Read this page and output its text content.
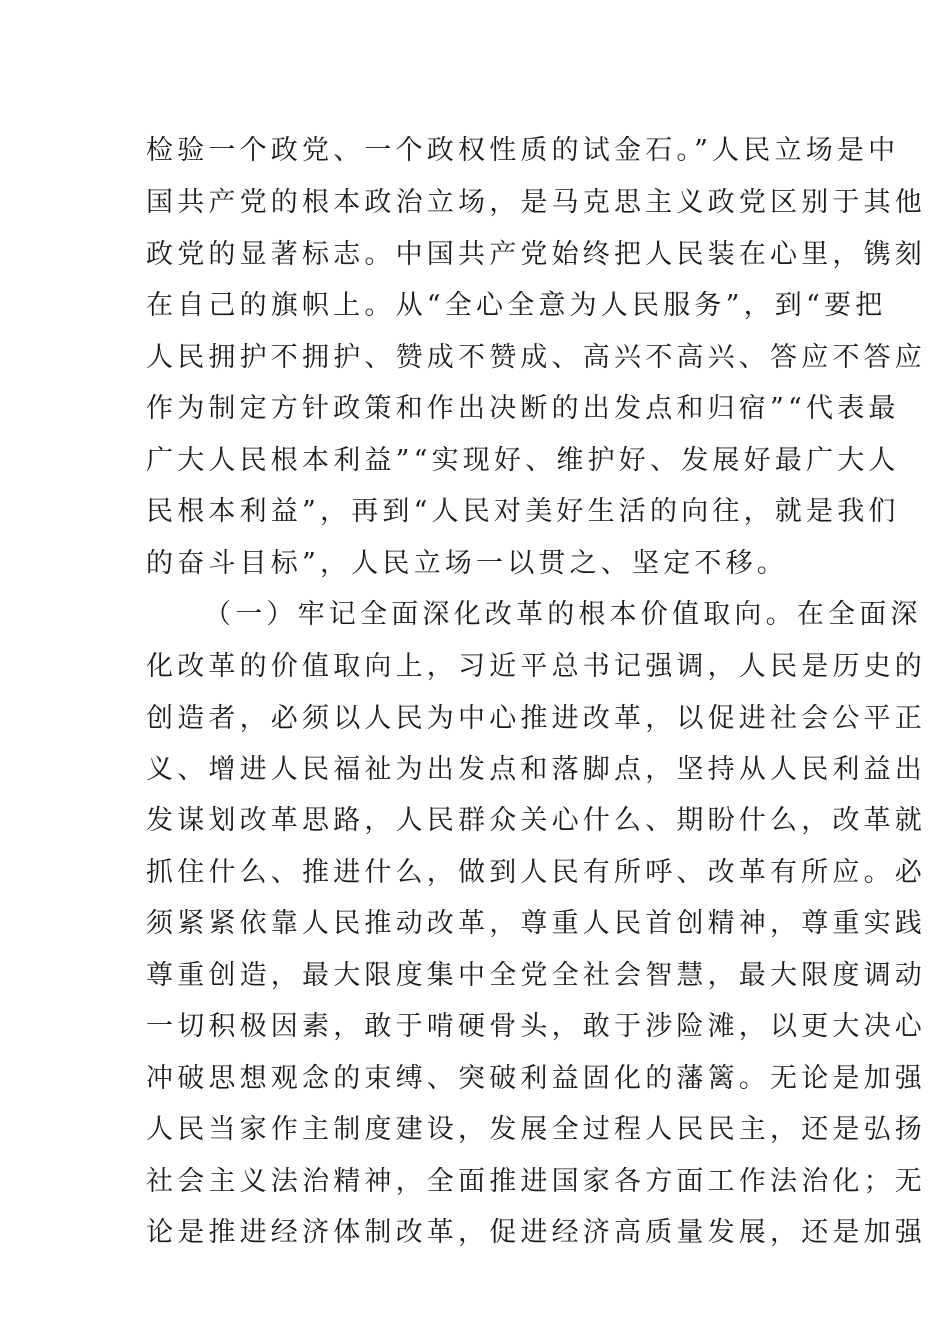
检验一个政党、一个政权性质的试金石。”人民立场是中
国共产党的根本政治立场，是马克思主义政党区别于其他
政党的显著标志。中国共产党始终把人民装在心里，镌刻
在自己的旗帜上。从“全心全意为人民服务”，到“要把
人民拥护不拥护、赞成不赞成、高兴不高兴、答应不答应
作为制定方针政策和作出决断的出发点和归宿”“代表最
广大人民根本利益”“实现好、维护好、发展好最广大人
民根本利益”，再到“人民对美好生活的向往，就是我们
的奋斗目标”，人民立场一以贯之、坚定不移。
（一）牢记全面深化改革的根本价值取向。在全面深
化改革的价值取向上，习近平总书记强调，人民是历史的
创造者，必须以人民为中心推进改革，以促进社会公平正
义、增进人民福祉为出发点和落脚点，坚持从人民利益出
发谋划改革思路，人民群众关心什么、期盼什么，改革就
抓住什么、推进什么，做到人民有所呼、改革有所应。必
须紧紧依靠人民推动改革，尊重人民首创精神，尊重实践
尊重创造，最大限度集中全党全社会智慧，最大限度调动
一切积极因素，敢于啃硬骨头，敢于涉险滩，以更大决心
冲破思想观念的束缚、突破利益固化的藩篱。无论是加强
人民当家作主制度建设，发展全过程人民民主，还是弘扬
社会主义法治精神，全面推进国家各方面工作法治化；无
论是推进经济体制改革，促进经济高质量发展，还是加强
